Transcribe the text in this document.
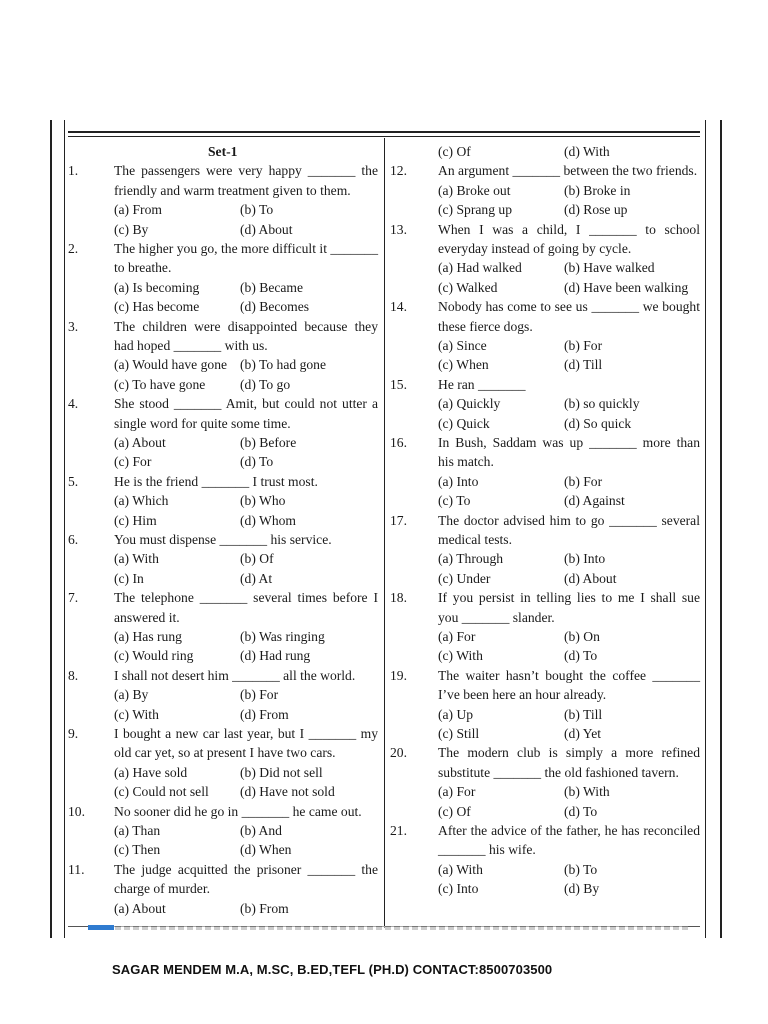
Set-1
1.	The passengers were very happy _______ the friendly and warm treatment given to them.
(a) From	(b) To
(c) By	(d) About
2.	The higher you go, the more difficult it _______ to breathe.
(a) Is becoming	(b) Became
(c) Has become	(d) Becomes
3.	The children were disappointed because they had hoped _______ with us.
(a) Would have gone (b) To had gone
(c) To have gone	(d) To go
4.	She stood _______ Amit, but could not utter a single word for quite some time.
(a) About	(b) Before
(c) For	(d) To
5.	He is the friend _______ I trust most.
(a) Which	(b) Who
(c) Him	(d) Whom
6.	You must dispense _______ his service.
(a) With	(b) Of
(c) In	(d) At
7.	The telephone _______ several times before I answered it.
(a) Has rung	(b) Was ringing
(c) Would ring	(d) Had rung
8.	I shall not desert him _______ all the world.
(a) By	(b) For
(c) With	(d) From
9.	I bought a new car last year, but I _______ my old car yet, so at present I have two cars.
(a) Have sold	(b) Did not sell
(c) Could not sell	(d) Have not sold
10.	No sooner did he go in _______ he came out.
(a) Than	(b) And
(c) Then	(d) When
11.	The judge acquitted the prisoner _______ the charge of murder.
(a) About	(b) From
(c) Of	(d) With
12.	An argument _______ between the two friends.
(a) Broke out	(b) Broke in
(c) Sprang up	(d) Rose up
13.	When I was a child, I _______ to school everyday instead of going by cycle.
(a) Had walked	(b) Have walked
(c) Walked	(d) Have been walking
14.	Nobody has come to see us _______ we bought these fierce dogs.
(a) Since	(b) For
(c) When	(d) Till
15.	He ran _______
(a) Quickly	(b) so quickly
(c) Quick	(d) So quick
16.	In Bush, Saddam was up _______ more than his match.
(a) Into	(b) For
(c) To	(d) Against
17.	The doctor advised him to go _______ several medical tests.
(a) Through	(b) Into
(c) Under	(d) About
18.	If you persist in telling lies to me I shall sue you _______ slander.
(a) For	(b) On
(c) With	(d) To
19.	The waiter hasn’t bought the coffee _______ I’ve been here an hour already.
(a) Up	(b) Till
(c) Still	(d) Yet
20.	The modern club is simply a more refined substitute _______ the old fashioned tavern.
(a) For	(b) With
(c) Of	(d) To
21.	After the advice of the father, he has reconciled _______ his wife.
(a) With	(b) To
(c) Into	(d) By
SAGAR MENDEM M.A, M.SC, B.ED,TEFL (PH.D) CONTACT:8500703500
